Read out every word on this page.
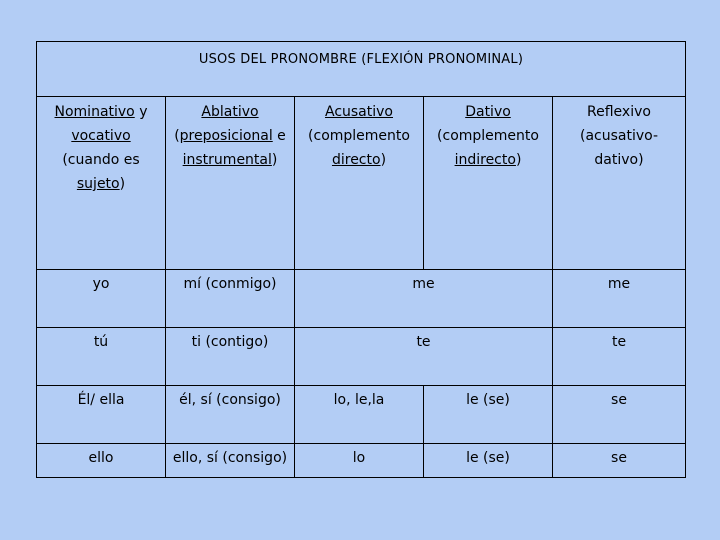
USOS DEL PRONOMBRE (FLEXIÓN PRONOMINAL)				

Nominativo y
vocativo
(cuando es
sujeto)	Ablativo
(preposicional e
instrumental)	Acusativo
(complemento
directo)	Dativo
(complemento
indirecto)	Reflexivo
(acusativo-
dativo)

yo	mí (conmigo)	me		me
tú	ti (contigo)	te		te
Él/ ella	él, sí (consigo)	lo, le,la	le (se)	se
ello	ello, sí (consigo)	lo	le (se)	se
